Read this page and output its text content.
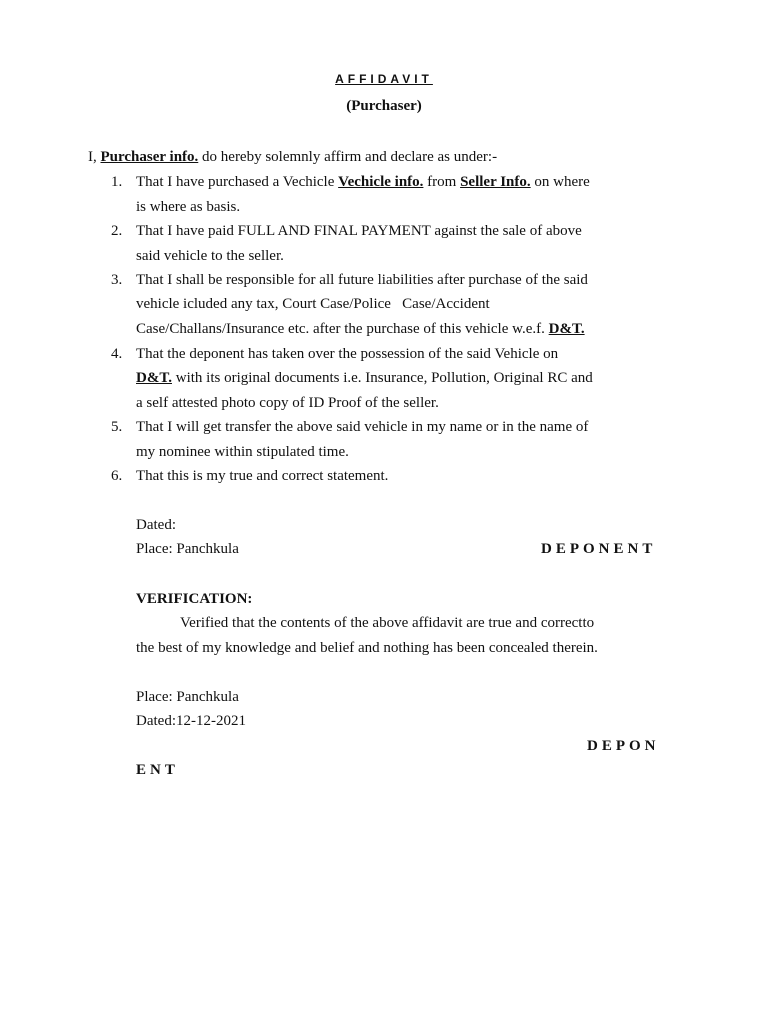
AFFIDAVIT
(Purchaser)
I, Purchaser info. do hereby solemnly affirm and declare as under:-
1. That I have purchased a Vechicle Vechicle info. from Seller Info. on where
is where as basis.
2. That I have paid FULL AND FINAL PAYMENT against the sale of above
said vehicle to the seller.
3. That I shall be responsible for all future liabilities after purchase of the said
vehicle icluded any tax, Court Case/Police   Case/Accident
Case/Challans/Insurance etc. after the purchase of this vehicle w.e.f. D&T.
4. That the deponent has taken over the possession of the said Vehicle on
D&T. with its original documents i.e. Insurance, Pollution, Original RC and
a self attested photo copy of ID Proof of the seller.
5. That I will get transfer the above said vehicle in my name or in the name of
my nominee within stipulated time.
6. That this is my true and correct statement.
Dated:
Place: Panchkula	DEPONENT
VERIFICATION:
Verified that the contents of the above affidavit are true and correctto
the best of my knowledge and belief and nothing has been concealed therein.
Place: Panchkula
Dated:12-12-2021
DEPON
ENT
